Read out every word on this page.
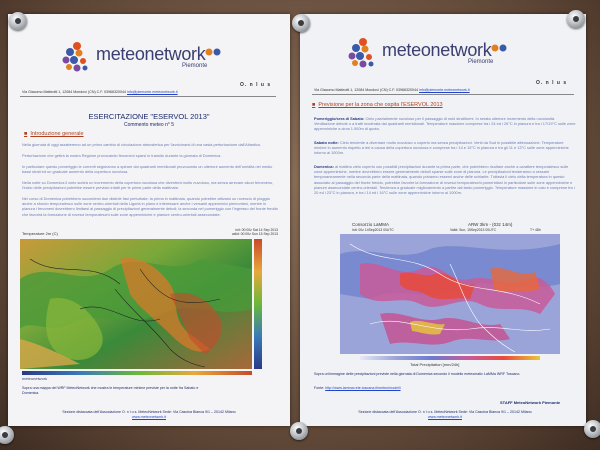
meteonetwork
Piemonte
O. n l u s
Via Giacomo Matteotti 1, 12084 Mondovì (CN) C.F. 03966320044 info@piemonte.meteonetwork.it
ESERCITAZIONE "ESERVOL 2013"
Commento meteo n° 5
■ Introduzione generale
Nella giornata di oggi assisteremo ad un primo cambio di circolazione atmosferica per l'avvicinarsi di una vasta perturbazione dall'Atlantico.
Perturbazione che gettrà la nostra Regione provocando fenomeni sparsi in transito durante la giornata di Domenica.
In particolare questo pomeriggio le correnti seguiranno a spirare dai quadranti meridionali provocando un ulteriore aumento dell'umidità nei medio bassi strati ed un graduale aumento della copertura nuvolosa.
Nella notte su Domenica il cielo subirà un incremento della copertura nuvolosa che diventerà molto nuvoloso, ma senza arrecare alcun fenomeno, l'inizio delle precipitazioni potrebbe essere previsto infatti per le prime parte della mattinata.
Nel corso di Domenica potrebbero succedersi due distinte fasi perturbate: la prima in mattinata, quando potrebbe attivarsi un rovescio di pioggia anche a sfondo temporalesco sulle zone centro-orientali della Liguria in piano e interessare anche i versanti appenninici piemontesi, mentre in pianura i fenomeni dovrebbero limitarsi al passaggio di precipitazioni generalmente deboli; la seconda nel pomeriggio con l'ingresso del fronte freddo che favorirà la formazione di rovesci temporaleschi sulle zone appenniniche e pianure centro-orientali assecondate.
Temperature 2m (C)
init: 00:00z Sat 14 Sep 2013
valid: 00:00z Sun 15 Sep 2013
meteonetwork
Sopra una mappa del WRF MeteoNetwork che mostra le temperature minime previste per la notte fra Sabato e Domenica.
Sezione distaccata dell'Associazione O. n l u s. MeteoNetwork Sede: Via Cascina Bianca 9/1 – 20142 Milano
www.meteonetwork.it
meteonetwork
Piemonte
O. n l u s
Via Giacomo Matteotti 1, 12084 Mondovì (CN) C.F. 03966320044 info@piemonte.meteonetwork.it
■ Previsione per la zona che ospita l'ESERVOL 2013
Pomeriggio/sera di Sabato: Cielo parzialmente nuvoloso per il passaggio di nubi stratiformi. In serata ulteriore incremento della nuvolosità. Ventilazione debole o a tratti moderata dai quadranti meridionali. Temperature massime comprese tra i 24 ed i 26°C in pianura e tra i 17/19°C sulle zone appenniniche a circa 1.000m di quota.
Sabato notte: Cielo tendente a diventare molto nuvoloso o coperto ma senza precipitazioni. Venti da Sud in possibile attenuazione. Temperature minime in aumento rispetto a ieri a causa della copertura nuvolosa e comprese tra i 14 e 15°C in pianura e tra gli 11 e 13°C sulle zone appenniniche intorno ai 1000m.
Domenica: al mattino cielo coperto con possibili precipitazioni durante la prima parte, che potrebbero risultare anche a carattere temporalesco sulle zone appenniniche, mentre dovrebbero essere generalmente deboli sparse sulle zone di pianura. Le precipitazioni tenderanno a cessare temporaneamente nella seconda parte della mattinata, quando potranno esserci anche delle schiarite. Tuttavia il cielo della temperatura in questo associato al passaggio del fronte freddo, potrebbe favorire la formazione di rovesci temporaleschi pomeridiani in particolare sulle zone appenniniche e pianure assecondate centro-orientali. Tendenza a graduale miglioramento a partire dal tardo pomeriggio. Temperature massime in calo e comprese fra i 20 ed i 23°C in pianura, e tra i 14 ed i 16°C sulle zone appenniniche intorno ai 1000m.
Consorzio LaMMA	ARW 3km - (03z 14m)
Init: 00z 14Sep2013 00UTC	Valid: Sun, 15Sep2013 00UTC	T+ 48h
Total Precipitation [mm/24h]
Sopra un'immagine delle precipitazioni previste nella giornata di Domenica secondo il modello meteomatic LaMMa WRF Toscano.
Fonte: http://www.lamma.rete.toscana.it/meteo/modelli
STAFF MeteoNetwork Piemonte
Sezione distaccata dell'Associazione O. n l u s. MeteoNetwork Sede: Via Cascina Bianca 9/1 – 20142 Milano
www.meteonetwork.it
